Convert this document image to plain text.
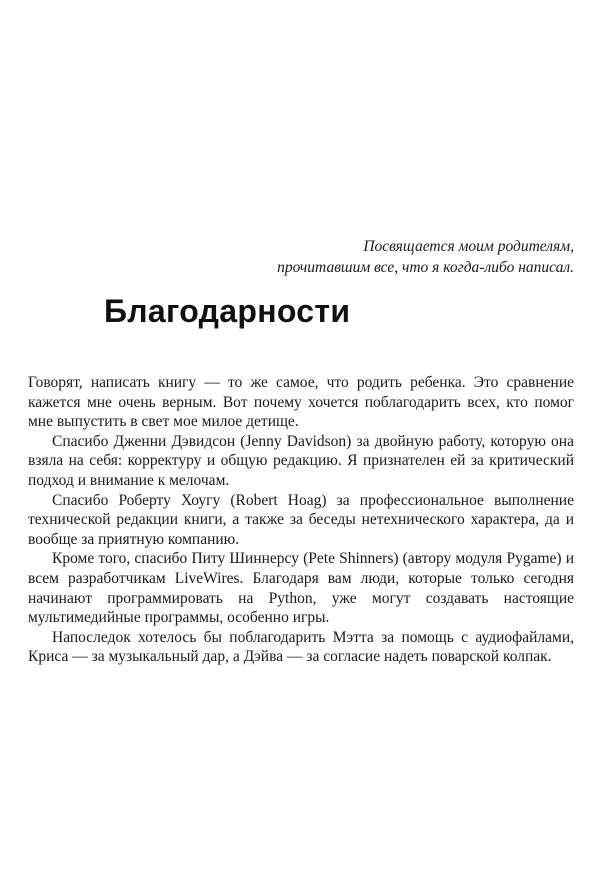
Посвящается моим родителям,
прочитавшим все, что я когда-либо написал.
Благодарности

Говорят, написать книгу — то же самое, что родить ребенка. Это сравнение кажется мне очень верным. Вот почему хочется поблагодарить всех, кто помог мне выпустить в свет мое милое детище.

Спасибо Дженни Дэвидсон (Jenny Davidson) за двойную работу, которую она взяла на себя: корректуру и общую редакцию. Я признателен ей за критический подход и внимание к мелочам.

Спасибо Роберту Хоугу (Robert Hoag) за профессиональное выполнение технической редакции книги, а также за беседы нетехнического характера, да и вообще за приятную компанию.

Кроме того, спасибо Питу Шиннерсу (Pete Shinners) (автору модуля Pygame) и всем разработчикам LiveWires. Благодаря вам люди, которые только сегодня начинают программировать на Python, уже могут создавать настоящие мультимедийные программы, особенно игры.

Напоследок хотелось бы поблагодарить Мэтта за помощь с аудиофайлами, Криса — за музыкальный дар, а Дэйва — за согласие надеть поварской колпак.
